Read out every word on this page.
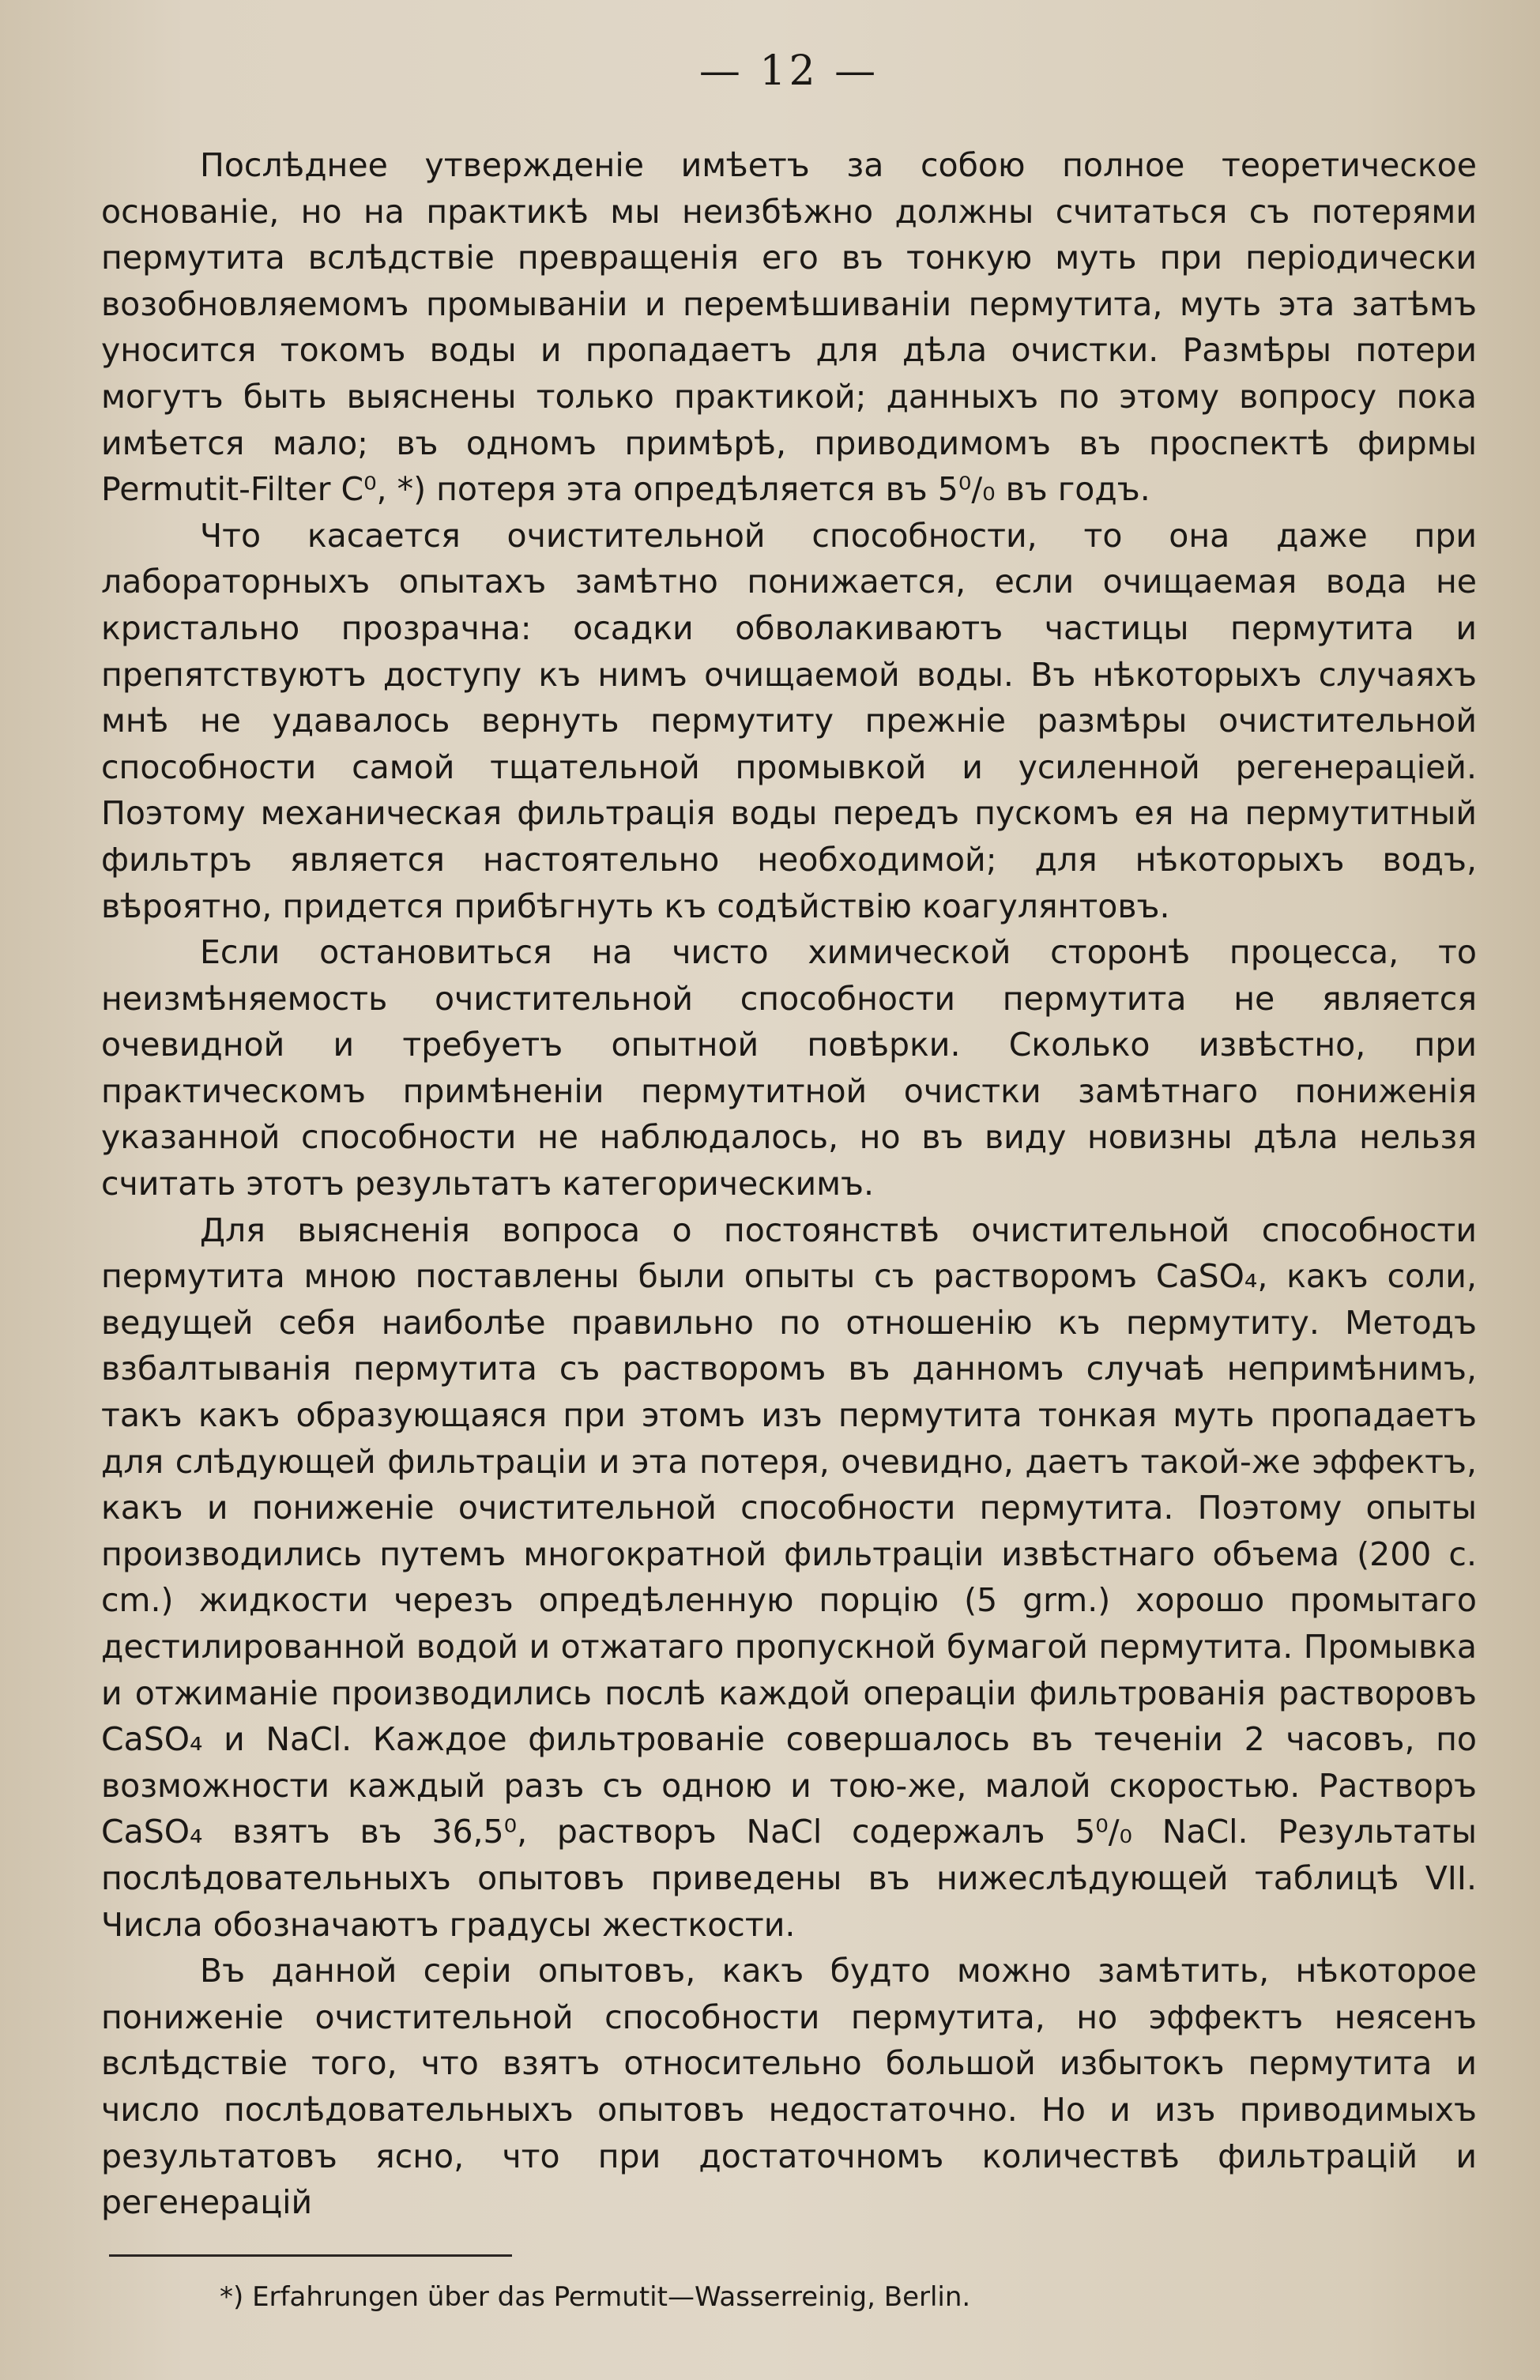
— 12 —

Послѣднее утвержденіе имѣетъ за собою полное теоретическое основаніе, но на практикѣ мы неизбѣжно должны считаться съ потерями пермутита вслѣдствіе превращенія его въ тонкую муть при періодически возобновляемомъ промываніи и перемѣшиваніи пермутита, муть эта затѣмъ уносится токомъ воды и пропадаетъ для дѣла очистки. Размѣры потери могутъ быть выяснены только практикой; данныхъ по этому вопросу пока имѣется мало; въ одномъ примѣрѣ, приводимомъ въ проспектѣ фирмы Permutit-Filter C⁰, *) потеря эта опредѣляется въ 5⁰/₀ въ годъ.

Что касается очистительной способности, то она даже при лабораторныхъ опытахъ замѣтно понижается, если очищаемая вода не кристально прозрачна: осадки обволакиваютъ частицы пермутита и препятствуютъ доступу къ нимъ очищаемой воды. Въ нѣкоторыхъ случаяхъ мнѣ не удавалось вернуть пермутиту прежніе размѣры очистительной способности самой тщательной промывкой и усиленной регенераціей. Поэтому механическая фильтрація воды передъ пускомъ ея на пермутитный фильтръ является настоятельно необходимой; для нѣкоторыхъ водъ, вѣроятно, придется прибѣгнуть къ содѣйствію коагулянтовъ.

Если остановиться на чисто химической сторонѣ процесса, то неизмѣняемость очистительной способности пермутита не является очевидной и требуетъ опытной повѣрки. Сколько извѣстно, при практическомъ примѣненіи пермутитной очистки замѣтнаго пониженія указанной способности не наблюдалось, но въ виду новизны дѣла нельзя считать этотъ результатъ категорическимъ.

Для выясненія вопроса о постоянствѣ очистительной способности пермутита мною поставлены были опыты съ растворомъ CaSO₄, какъ соли, ведущей себя наиболѣе правильно по отношенію къ пермутиту. Методъ взбалтыванія пермутита съ растворомъ въ данномъ случаѣ непримѣнимъ, такъ какъ образующаяся при этомъ изъ пермутита тонкая муть пропадаетъ для слѣдующей фильтраціи и эта потеря, очевидно, даетъ такой-же эффектъ, какъ и пониженіе очистительной способности пермутита. Поэтому опыты производились путемъ многократной фильтраціи извѣстнаго объема (200 c. cm.) жидкости черезъ опредѣленную порцію (5 grm.) хорошо промытаго дестилированной водой и отжатаго пропускной бумагой пермутита. Промывка и отжиманіе производились послѣ каждой операціи фильтрованія растворовъ CaSO₄ и NaCl. Каждое фильтрованіе совершалось въ теченіи 2 часовъ, по возможности каждый разъ съ одною и тою-же, малой скоростью. Растворъ CaSO₄ взятъ въ 36,5⁰, растворъ NaCl содержалъ 5⁰/₀ NaCl. Результаты послѣдовательныхъ опытовъ приведены въ нижеслѣдующей таблицѣ VII. Числа обозначаютъ градусы жесткости.

Въ данной серіи опытовъ, какъ будто можно замѣтить, нѣкоторое пониженіе очистительной способности пермутита, но эффектъ неясенъ вслѣдствіе того, что взятъ относительно большой избытокъ пермутита и число послѣдовательныхъ опытовъ недостаточно. Но и изъ приводимыхъ результатовъ ясно, что при достаточномъ количествѣ фильтрацій и регенерацій

*) Erfahrungen über das Permutit—Wasserreinig, Berlin.
